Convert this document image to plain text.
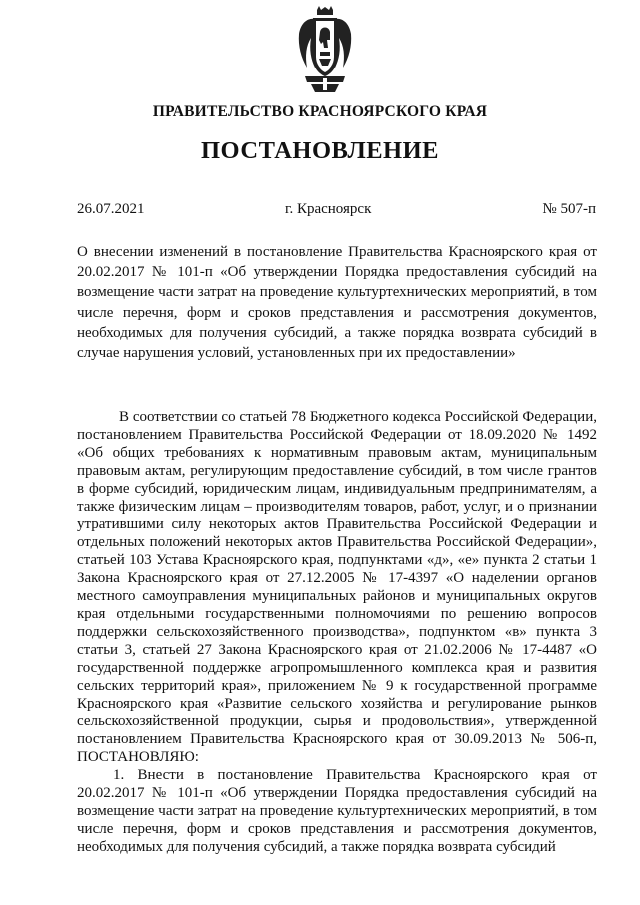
ПРАВИТЕЛЬСТВО КРАСНОЯРСКОГО КРАЯ
ПОСТАНОВЛЕНИЕ
26.07.2021	г. Красноярск	№ 507-п
О внесении изменений в постановление Правительства Красноярского края от 20.02.2017 № 101-п «Об утверждении Порядка предоставления субсидий на возмещение части затрат на проведение культуртехнических мероприятий, в том числе перечня, форм и сроков представления и рассмотрения документов, необходимых для получения субсидий, а также порядка возврата субсидий в случае нарушения условий, установленных при их предоставлении»

В соответствии со статьей 78 Бюджетного кодекса Российской Федерации, постановлением Правительства Российской Федерации от 18.09.2020 № 1492 «Об общих требованиях к нормативным правовым актам, муниципальным правовым актам, регулирующим предоставление субсидий, в том числе грантов в форме субсидий, юридическим лицам, индивидуальным предпринимателям, а также физическим лицам – производителям товаров, работ, услуг, и о признании утратившими силу некоторых актов Правительства Российской Федерации и отдельных положений некоторых актов Правительства Российской Федерации», статьей 103 Устава Красноярского края, подпунктами «д», «е» пункта 2 статьи 1 Закона Красноярского края от 27.12.2005 № 17-4397 «О наделении органов местного самоуправления муниципальных районов и муниципальных округов края отдельными государственными полномочиями по решению вопросов поддержки сельскохозяйственного производства», подпунктом «в» пункта 3 статьи 3, статьей 27 Закона Красноярского края от 21.02.2006 № 17-4487 «О государственной поддержке агропромышленного комплекса края и развития сельских территорий края», приложением № 9 к государственной программе Красноярского края «Развитие сельского хозяйства и регулирование рынков сельскохозяйственной продукции, сырья и продовольствия», утвержденной постановлением Правительства Красноярского края от 30.09.2013 № 506-п, ПОСТАНОВЛЯЮ:

1. Внести в постановление Правительства Красноярского края от 20.02.2017 № 101-п «Об утверждении Порядка предоставления субсидий на возмещение части затрат на проведение культуртехнических мероприятий, в том числе перечня, форм и сроков представления и рассмотрения документов, необходимых для получения субсидий, а также порядка возврата субсидий
